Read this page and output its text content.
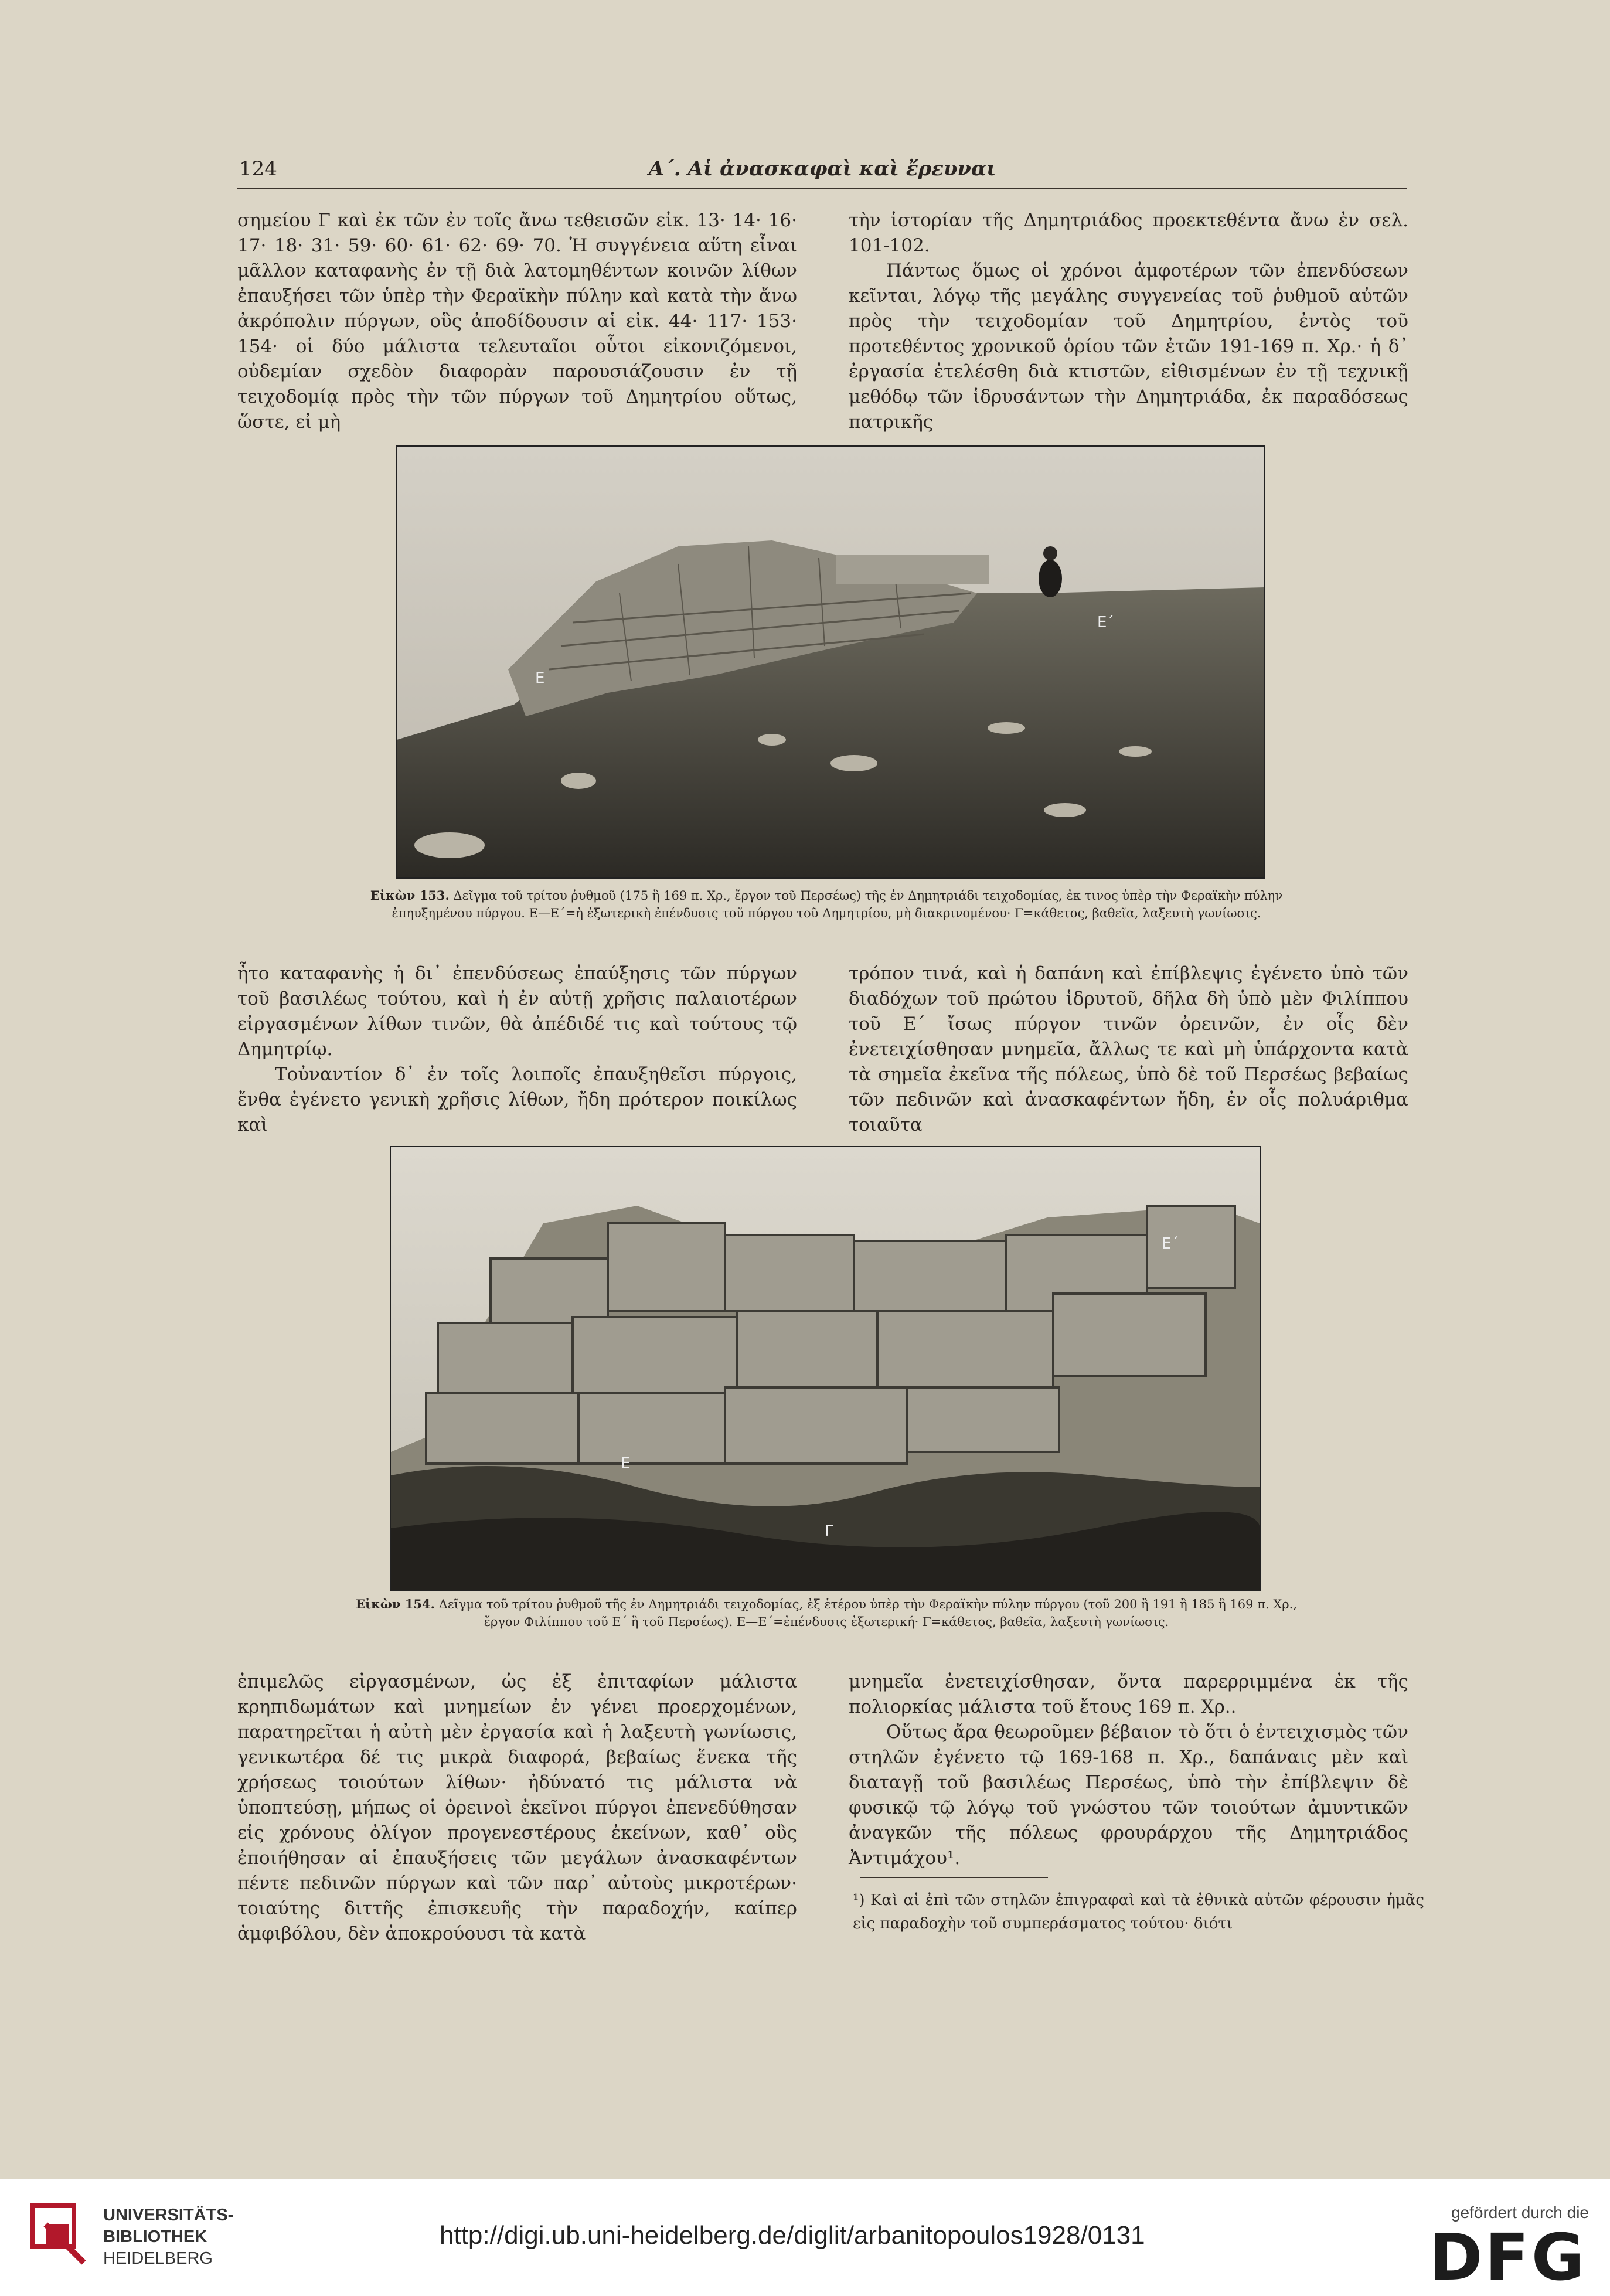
124	Α΄. Αἱ ἀνασκαφαὶ καὶ ἔρευναι

σημείου Γ καὶ ἐκ τῶν ἐν τοῖς ἄνω τεθεισῶν εἰκ. 13· 14· 16· 17· 18· 31· 59· 60· 61· 62· 69· 70. Ἡ συγγένεια αὕτη εἶναι μᾶλλον καταφανὴς ἐν τῇ διὰ λατομηθέντων κοινῶν λίθων ἐπαυξήσει τῶν ὑπὲρ τὴν Φεραϊκὴν πύλην καὶ κατὰ τὴν ἄνω ἀκρόπολιν πύργων, οὓς ἀποδίδουσιν αἱ εἰκ. 44· 117· 153· 154· οἱ δύο μάλιστα τελευταῖοι οὗτοι εἰκονιζόμενοι, οὐδεμίαν σχεδὸν διαφορὰν παρουσιάζουσιν ἐν τῇ τειχοδομίᾳ πρὸς τὴν τῶν πύργων τοῦ Δημητρίου οὕτως, ὥστε, εἰ μὴ

τὴν ἱστορίαν τῆς Δημητριάδος προεκτεθέντα ἄνω ἐν σελ. 101-102.

Πάντως ὅμως οἱ χρόνοι ἀμφοτέρων τῶν ἐπενδύσεων κεῖνται, λόγῳ τῆς μεγάλης συγγενείας τοῦ ῥυθμοῦ αὐτῶν πρὸς τὴν τειχοδομίαν τοῦ Δημητρίου, ἐντὸς τοῦ προτεθέντος χρονικοῦ ὁρίου τῶν ἐτῶν 191-169 π. Χρ.· ἡ δ᾽ ἐργασία ἐτελέσθη διὰ κτιστῶν, εἰθισμένων ἐν τῇ τεχνικῇ μεθόδῳ τῶν ἱδρυσάντων τὴν Δημητριάδα, ἐκ παραδόσεως πατρικῆς

E
E´
Εἰκὼν 153. Δεῖγμα τοῦ τρίτου ῥυθμοῦ (175 ἢ 169 π. Χρ., ἔργον τοῦ Περσέως) τῆς ἐν Δημητριάδι τειχοδομίας, ἐκ τινος ὑπὲρ τὴν Φεραϊκὴν πύλην
ἐπηυξημένου πύργου. Ε—Ε΄=ἡ ἐξωτερικὴ ἐπένδυσις τοῦ πύργου τοῦ Δημητρίου, μὴ διακρινομένου· Γ=κάθετος, βαθεῖα, λαξευτὴ γωνίωσις.

ἦτο καταφανὴς ἡ δι᾽ ἐπενδύσεως ἐπαύξησις τῶν πύργων τοῦ βασιλέως τούτου, καὶ ἡ ἐν αὐτῇ χρῆσις παλαιοτέρων εἰργασμένων λίθων τινῶν, θὰ ἀπέδιδέ τις καὶ τούτους τῷ Δημητρίῳ.

Τοὐναντίον δ᾽ ἐν τοῖς λοιποῖς ἐπαυξηθεῖσι πύργοις, ἔνθα ἐγένετο γενικὴ χρῆσις λίθων, ἤδη πρότερον ποικίλως καὶ

τρόπον τινά, καὶ ἡ δαπάνη καὶ ἐπίβλεψις ἐγένετο ὑπὸ τῶν διαδόχων τοῦ πρώτου ἱδρυτοῦ, δῆλα δὴ ὑπὸ μὲν Φιλίππου τοῦ Ε΄ ἴσως πύργον τινῶν ὀρεινῶν, ἐν οἷς δὲν ἐνετειχίσθησαν μνημεῖα, ἄλλως τε καὶ μὴ ὑπάρχοντα κατὰ τὰ σημεῖα ἐκεῖνα τῆς πόλεως, ὑπὸ δὲ τοῦ Περσέως βεβαίως τῶν πεδινῶν καὶ ἀνασκαφέντων ἤδη, ἐν οἷς πολυάριθμα τοιαῦτα

E´
E
Γ
Εἰκὼν 154. Δεῖγμα τοῦ τρίτου ῥυθμοῦ τῆς ἐν Δημητριάδι τειχοδομίας, ἐξ ἑτέρου ὑπὲρ τὴν Φεραϊκὴν πύλην πύργου (τοῦ 200 ἢ 191 ἢ 185 ἢ 169 π. Χρ.,
ἔργον Φιλίππου τοῦ Ε΄ ἢ τοῦ Περσέως). Ε—Ε΄=ἐπένδυσις ἐξωτερική· Γ=κάθετος, βαθεῖα, λαξευτὴ γωνίωσις.

ἐπιμελῶς εἰργασμένων, ὡς ἐξ ἐπιταφίων μάλιστα κρηπιδωμάτων καὶ μνημείων ἐν γένει προερχομένων, παρατηρεῖται ἡ αὐτὴ μὲν ἐργασία καὶ ἡ λαξευτὴ γωνίωσις, γενικωτέρα δέ τις μικρὰ διαφορά, βεβαίως ἕνεκα τῆς χρήσεως τοιούτων λίθων· ἠδύνατό τις μάλιστα νὰ ὑποπτεύσῃ, μήπως οἱ ὀρεινοὶ ἐκεῖνοι πύργοι ἐπενεδύθησαν εἰς χρόνους ὀλίγον προγενεστέρους ἐκείνων, καθ᾽ οὓς ἐποιήθησαν αἱ ἐπαυξήσεις τῶν μεγάλων ἀνασκαφέντων πέντε πεδινῶν πύργων καὶ τῶν παρ᾽ αὐτοὺς μικροτέρων· τοιαύτης διττῆς ἐπισκευῆς τὴν παραδοχήν, καίπερ ἀμφιβόλου, δὲν ἀποκρούουσι τὰ κατὰ

μνημεῖα ἐνετειχίσθησαν, ὄντα παρερριμμένα ἐκ τῆς πολιορκίας μάλιστα τοῦ ἔτους 169 π. Χρ..

Οὕτως ἄρα θεωροῦμεν βέβαιον τὸ ὅτι ὁ ἐντειχισμὸς τῶν στηλῶν ἐγένετο τῷ 169-168 π. Χρ., δαπάναις μὲν καὶ διαταγῇ τοῦ βασιλέως Περσέως, ὑπὸ τὴν ἐπίβλεψιν δὲ φυσικῷ τῷ λόγῳ τοῦ γνώστου τῶν τοιούτων ἀμυντικῶν ἀναγκῶν τῆς πόλεως φρουράρχου τῆς Δημητριάδος Ἀντιμάχου¹.

¹) Καὶ αἱ ἐπὶ τῶν στηλῶν ἐπιγραφαὶ καὶ τὰ ἐθνικὰ αὐτῶν φέρουσιν ἡμᾶς εἰς παραδοχὴν τοῦ συμπεράσματος τούτου· διότι
UNIVERSITÄTS-
BIBLIOTHEK
HEIDELBERG
http://digi.ub.uni-heidelberg.de/diglit/arbanitopoulos1928/0131
gefördert durch die
DFG
